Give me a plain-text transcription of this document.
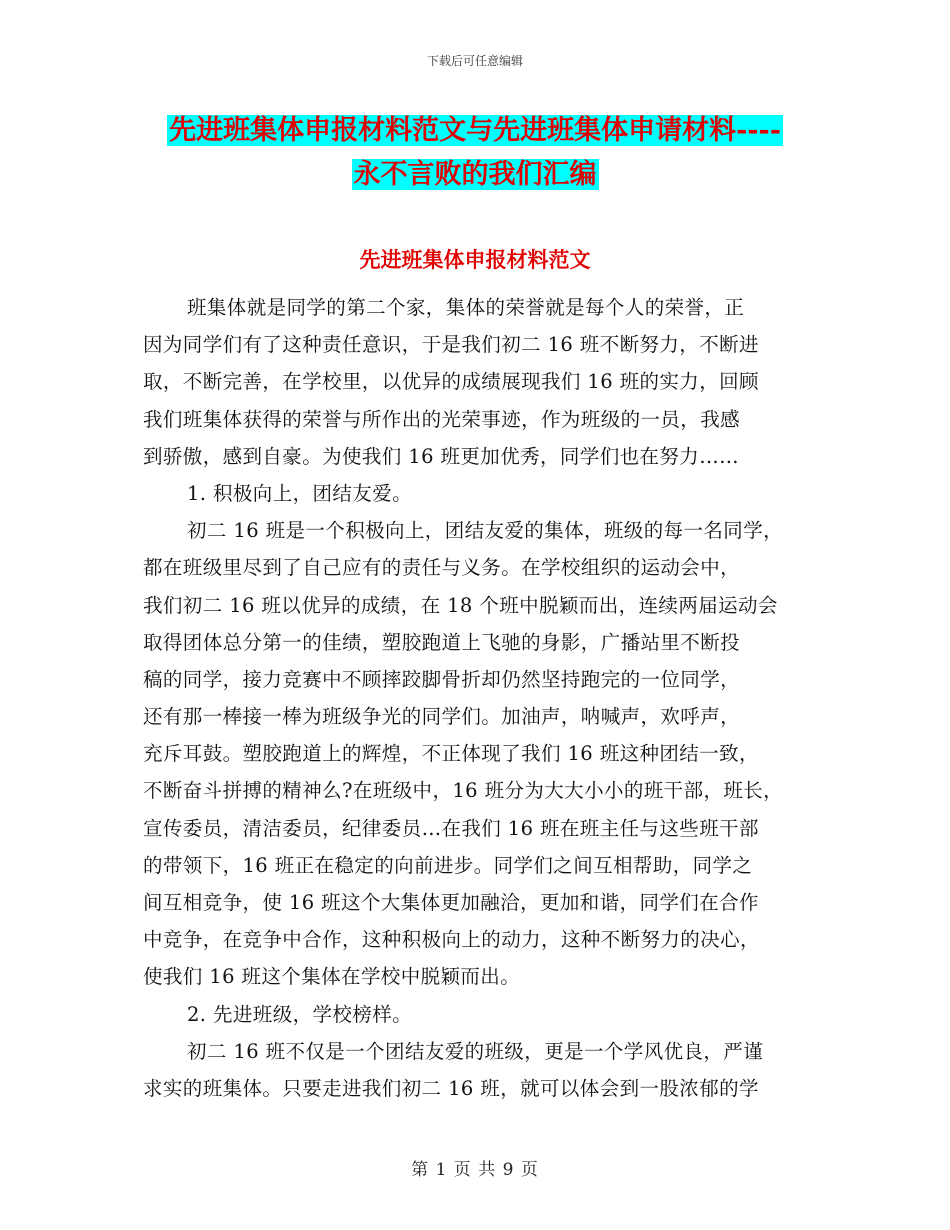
下载后可任意编辑
先进班集体申报材料范文与先进班集体申请材料----
永不言败的我们汇编
先进班集体申报材料范文
班集体就是同学的第二个家，集体的荣誉就是每个人的荣誉，正
因为同学们有了这种责任意识，于是我们初二 16 班不断努力，不断进
取，不断完善，在学校里，以优异的成绩展现我们 16 班的实力，回顾
我们班集体获得的荣誉与所作出的光荣事迹，作为班级的一员，我感
到骄傲，感到自豪。为使我们 16 班更加优秀，同学们也在努力……
1. 积极向上，团结友爱。
初二 16 班是一个积极向上，团结友爱的集体，班级的每一名同学，
都在班级里尽到了自己应有的责任与义务。在学校组织的运动会中，
我们初二 16 班以优异的成绩，在 18 个班中脱颖而出，连续两届运动会
取得团体总分第一的佳绩，塑胶跑道上飞驰的身影，广播站里不断投
稿的同学，接力竞赛中不顾摔跤脚骨折却仍然坚持跑完的一位同学，
还有那一棒接一棒为班级争光的同学们。加油声，呐喊声，欢呼声，
充斥耳鼓。塑胶跑道上的辉煌，不正体现了我们 16 班这种团结一致，
不断奋斗拼搏的精神么?在班级中，16 班分为大大小小的班干部，班长，
宣传委员，清洁委员，纪律委员…在我们 16 班在班主任与这些班干部
的带领下，16 班正在稳定的向前进步。同学们之间互相帮助，同学之
间互相竞争，使 16 班这个大集体更加融洽，更加和谐，同学们在合作
中竞争，在竞争中合作，这种积极向上的动力，这种不断努力的决心，
使我们 16 班这个集体在学校中脱颖而出。
2. 先进班级，学校榜样。
初二 16 班不仅是一个团结友爱的班级，更是一个学风优良，严谨
求实的班集体。只要走进我们初二 16 班，就可以体会到一股浓郁的学
第 1 页 共 9 页
